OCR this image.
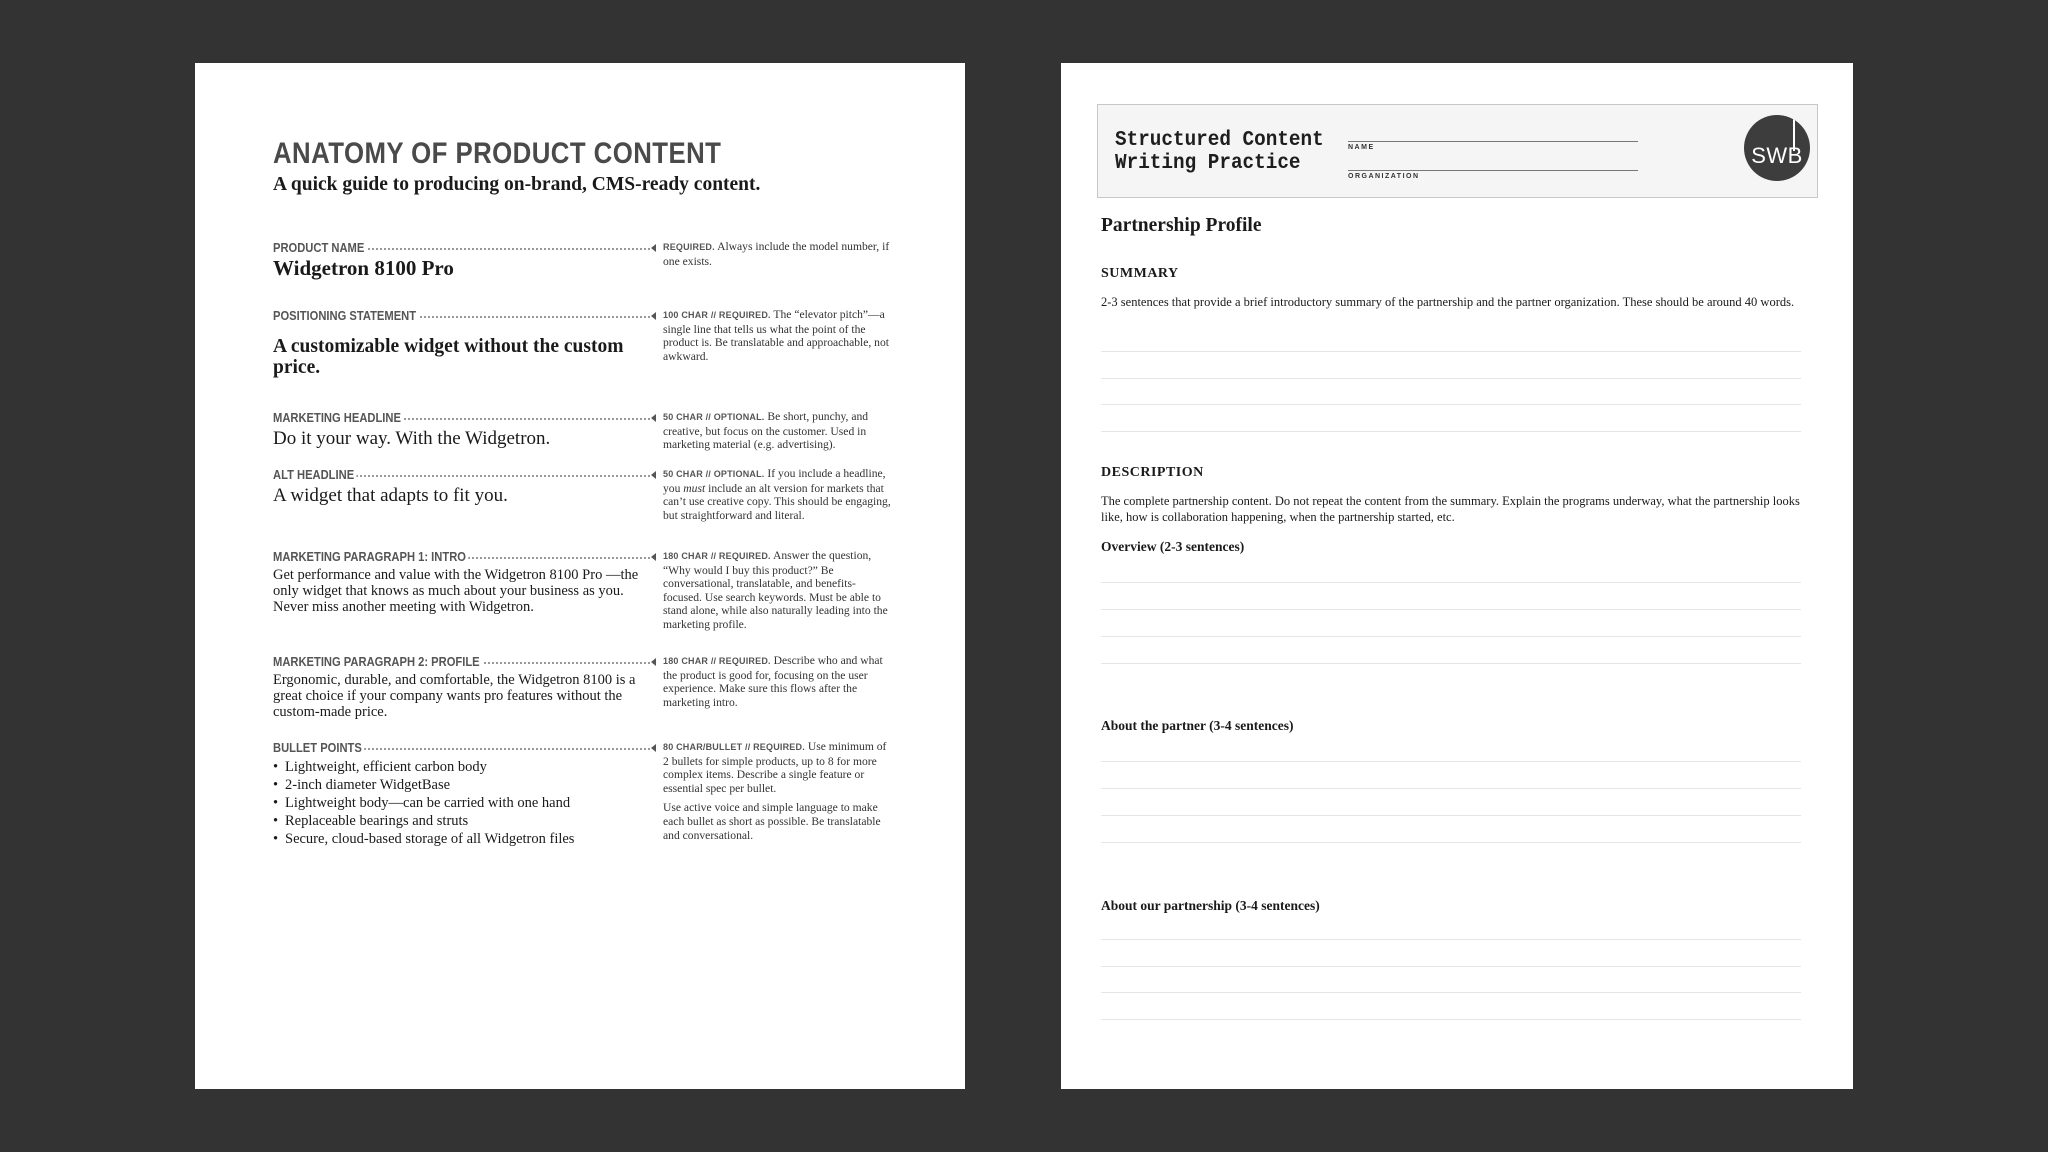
ANATOMY OF PRODUCT CONTENT

A quick guide to producing on-brand, CMS-ready content.

PRODUCT NAME
Widgetron 8100 Pro

REQUIRED. Always include the model number, if one exists.

POSITIONING STATEMENT
A customizable widget without the custom price.

100 CHAR // REQUIRED. The “elevator pitch”—a single line that tells us what the point of the product is. Be translatable and approachable, not awkward.

MARKETING HEADLINE
Do it your way. With the Widgetron.

50 CHAR // OPTIONAL. Be short, punchy, and creative, but focus on the customer. Used in marketing material (e.g. advertising).

ALT HEADLINE
A widget that adapts to fit you.

50 CHAR // OPTIONAL. If you include a headline, you must include an alt version for markets that can’t use creative copy. This should be engaging, but straightforward and literal.

MARKETING PARAGRAPH 1: INTRO
Get performance and value with the Widgetron 8100 Pro —the only widget that knows as much about your business as you. Never miss another meeting with Widgetron.

180 CHAR // REQUIRED. Answer the question, “Why would I buy this product?” Be conversational, translatable, and benefits-focused. Use search keywords. Must be able to stand alone, while also naturally leading into the marketing profile.

MARKETING PARAGRAPH 2: PROFILE
Ergonomic, durable, and comfortable, the Widgetron 8100 is a great choice if your company wants pro features without the custom-made price.

180 CHAR // REQUIRED. Describe who and what the product is good for, focusing on the user experience. Make sure this flows after the marketing intro.

BULLET POINTS
• Lightweight, efficient carbon body
• 2-inch diameter WidgetBase
• Lightweight body—can be carried with one hand
• Replaceable bearings and struts
• Secure, cloud-based storage of all Widgetron files

80 CHAR/BULLET // REQUIRED. Use minimum of 2 bullets for simple products, up to 8 for more complex items. Describe a single feature or essential spec per bullet.

Use active voice and simple language to make each bullet as short as possible. Be translatable and conversational.

Structured Content
Writing Practice
NAME
ORGANIZATION
SWB
Partnership Profile
SUMMARY

2-3 sentences that provide a brief introductory summary of the partnership and the partner organization. These should be around 40 words.

DESCRIPTION

The complete partnership content. Do not repeat the content from the summary. Explain the programs underway, what the partnership looks like, how is collaboration happening, when the partnership started, etc.

Overview (2-3 sentences)

About the partner (3-4 sentences)

About our partnership (3-4 sentences)
